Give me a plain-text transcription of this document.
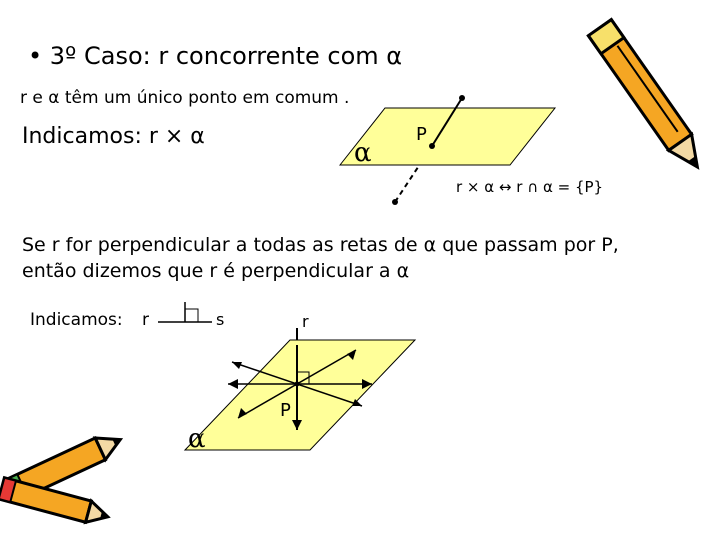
• 3º Caso: r concorrente com α
r e α têm um único ponto em comum .
Indicamos: r × α	P
α
r × α ↔ r ∩ α = {P}
Se r for perpendicular a todas as retas de α que passam por P,
então dizemos que r é perpendicular a α
Indicamos: r	s	r
P
α
